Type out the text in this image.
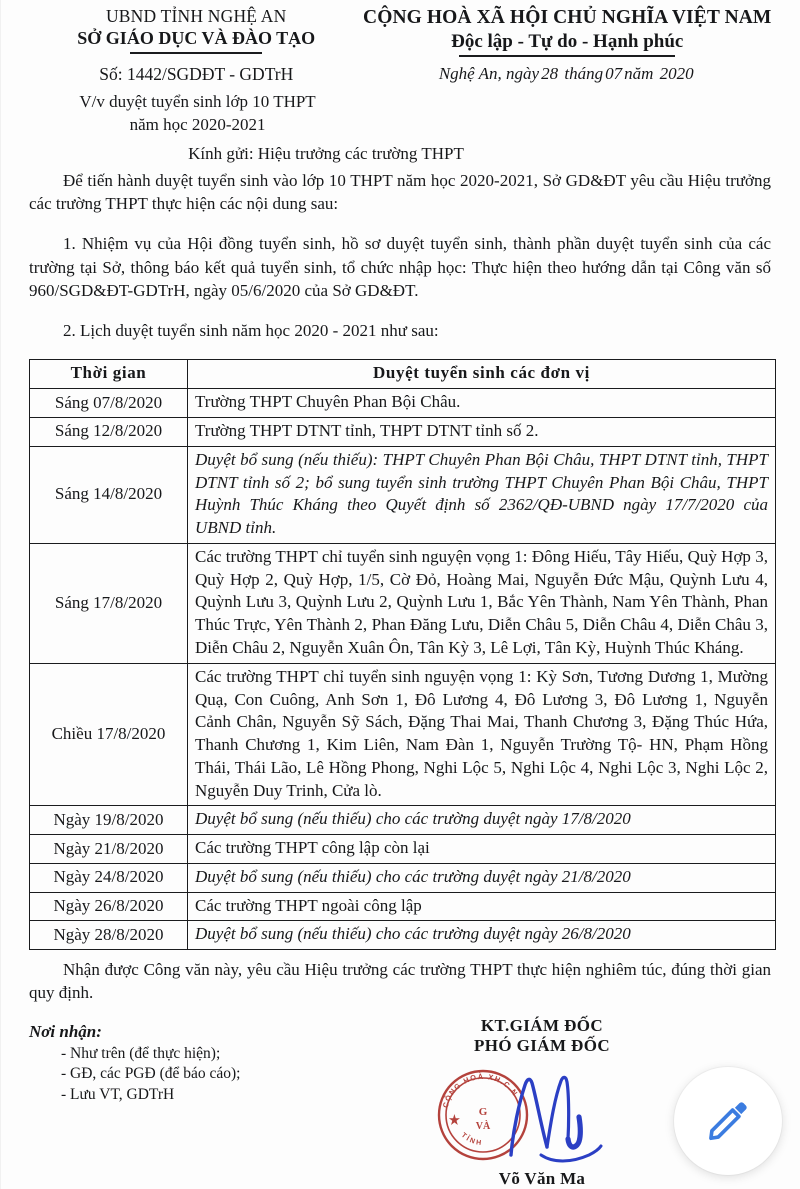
UBND TỈNH NGHỆ AN
SỞ GIÁO DỤC VÀ ĐÀO TẠO
CỘNG HOÀ XÃ HỘI CHỦ NGHĨA VIỆT NAM
Độc lập - Tự do - Hạnh phúc
Số: 1442/SGDĐT - GDTrH	Nghệ An, ngày 28 tháng 07 năm 2020
V/v duyệt tuyển sinh lớp 10 THPT
năm học 2020-2021
Kính gửi: Hiệu trưởng các trường THPT

Để tiến hành duyệt tuyển sinh vào lớp 10 THPT năm học 2020-2021, Sở GD&ĐT yêu cầu Hiệu trưởng các trường THPT thực hiện các nội dung sau:

1. Nhiệm vụ của Hội đồng tuyển sinh, hồ sơ duyệt tuyển sinh, thành phần duyệt tuyển sinh của các trường tại Sở, thông báo kết quả tuyển sinh, tổ chức nhập học: Thực hiện theo hướng dẫn tại Công văn số 960/SGD&ĐT-GDTrH, ngày 05/6/2020 của Sở GD&ĐT.

2. Lịch duyệt tuyển sinh năm học 2020 - 2021 như sau:

Thời gian	Duyệt tuyển sinh các đơn vị
Sáng 07/8/2020	Trường THPT Chuyên Phan Bội Châu.
Sáng 12/8/2020	Trường THPT DTNT tỉnh, THPT DTNT tỉnh số 2.
Sáng 14/8/2020	Duyệt bổ sung (nếu thiếu): THPT Chuyên Phan Bội Châu, THPT DTNT tỉnh, THPT DTNT tỉnh số 2; bổ sung tuyển sinh trường THPT Chuyên Phan Bội Châu, THPT Huỳnh Thúc Kháng theo Quyết định số 2362/QĐ-UBND ngày 17/7/2020 của UBND tỉnh.
Sáng 17/8/2020	Các trường THPT chỉ tuyển sinh nguyện vọng 1: Đông Hiếu, Tây Hiếu, Quỳ Hợp 3, Quỳ Hợp 2, Quỳ Hợp, 1/5, Cờ Đỏ, Hoàng Mai, Nguyễn Đức Mậu, Quỳnh Lưu 4, Quỳnh Lưu 3, Quỳnh Lưu 2, Quỳnh Lưu 1, Bắc Yên Thành, Nam Yên Thành, Phan Thúc Trực, Yên Thành 2, Phan Đăng Lưu, Diễn Châu 5, Diễn Châu 4, Diễn Châu 3, Diễn Châu 2, Nguyễn Xuân Ôn, Tân Kỳ 3, Lê Lợi, Tân Kỳ, Huỳnh Thúc Kháng.
Chiều 17/8/2020	Các trường THPT chỉ tuyển sinh nguyện vọng 1: Kỳ Sơn, Tương Dương 1, Mường Quạ, Con Cuông, Anh Sơn 1, Đô Lương 4, Đô Lương 3, Đô Lương 1, Nguyễn Cảnh Chân, Nguyễn Sỹ Sách, Đặng Thai Mai, Thanh Chương 3, Đặng Thúc Hứa, Thanh Chương 1, Kim Liên, Nam Đàn 1, Nguyễn Trường Tộ- HN, Phạm Hồng Thái, Thái Lão, Lê Hồng Phong, Nghi Lộc 5, Nghi Lộc 4, Nghi Lộc 3, Nghi Lộc 2, Nguyễn Duy Trinh, Cửa lò.
Ngày 19/8/2020	Duyệt bổ sung (nếu thiếu) cho các trường duyệt ngày 17/8/2020
Ngày 21/8/2020	Các trường THPT công lập còn lại
Ngày 24/8/2020	Duyệt bổ sung (nếu thiếu) cho các trường duyệt ngày 21/8/2020
Ngày 26/8/2020	Các trường THPT ngoài công lập
Ngày 28/8/2020	Duyệt bổ sung (nếu thiếu) cho các trường duyệt ngày 26/8/2020

Nhận được Công văn này, yêu cầu Hiệu trưởng các trường THPT thực hiện nghiêm túc, đúng thời gian quy định.

Nơi nhận:
- Như trên (để thực hiện);
- GĐ, các PGĐ (để báo cáo);
- Lưu VT, GDTrH
KT.GIÁM ĐỐC
PHÓ GIÁM ĐỐC
CỘNG HOÀ XH.C.N
TỈNH
G
VÀ
Võ Văn Ma
